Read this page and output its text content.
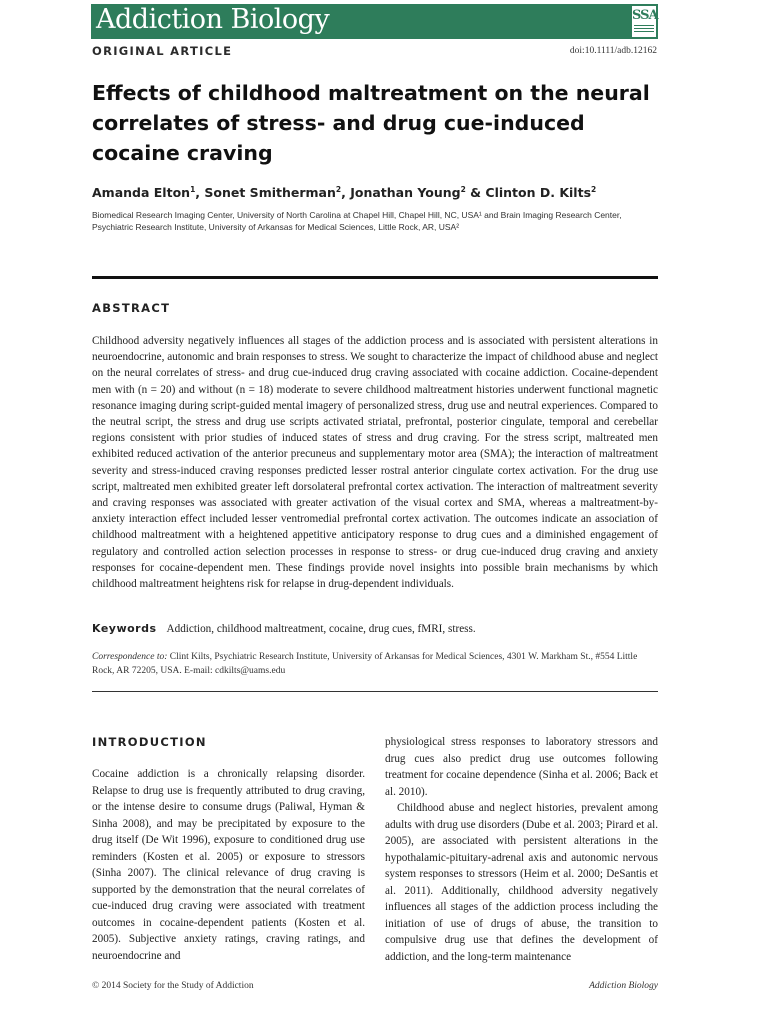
Addiction Biology	SSA
ORIGINAL ARTICLE	doi:10.1111/adb.12162
Effects of childhood maltreatment on the neural correlates of stress- and drug cue-induced cocaine craving
Amanda Elton$^1$, Sonet Smitherman$^2$, Jonathan Young$^2$ & Clinton D. Kilts$^2$
Biomedical Research Imaging Center, University of North Carolina at Chapel Hill, Chapel Hill, NC, USA¹ and Brain Imaging Research Center, Psychiatric Research Institute, University of Arkansas for Medical Sciences, Little Rock, AR, USA²
ABSTRACT
Childhood adversity negatively influences all stages of the addiction process and is associated with persistent alterations in neuroendocrine, autonomic and brain responses to stress. We sought to characterize the impact of childhood abuse and neglect on the neural correlates of stress- and drug cue-induced drug craving associated with cocaine addiction. Cocaine-dependent men with (n = 20) and without (n = 18) moderate to severe childhood maltreatment histories underwent functional magnetic resonance imaging during script-guided mental imagery of personalized stress, drug use and neutral experiences. Compared to the neutral script, the stress and drug use scripts activated striatal, prefrontal, posterior cingulate, temporal and cerebellar regions consistent with prior studies of induced states of stress and drug craving. For the stress script, maltreated men exhibited reduced activation of the anterior precuneus and supplementary motor area (SMA); the interaction of maltreatment severity and stress-induced craving responses predicted lesser rostral anterior cingulate cortex activation. For the drug use script, maltreated men exhibited greater left dorsolateral prefrontal cortex activation. The interaction of maltreatment severity and craving responses was associated with greater activation of the visual cortex and SMA, whereas a maltreatment-by-anxiety interaction effect included lesser ventromedial prefrontal cortex activation. The outcomes indicate an association of childhood maltreatment with a heightened appetitive anticipatory response to drug cues and a diminished engagement of regulatory and controlled action selection processes in response to stress- or drug cue-induced drug craving and anxiety responses for cocaine-dependent men. These findings provide novel insights into possible brain mechanisms by which childhood maltreatment heightens risk for relapse in drug-dependent individuals.
Keywords Addiction, childhood maltreatment, cocaine, drug cues, fMRI, stress.
Correspondence to: Clint Kilts, Psychiatric Research Institute, University of Arkansas for Medical Sciences, 4301 W. Markham St., #554 Little Rock, AR 72205, USA. E-mail: cdkilts@uams.edu
INTRODUCTION
Cocaine addiction is a chronically relapsing disorder. Relapse to drug use is frequently attributed to drug craving, or the intense desire to consume drugs (Paliwal, Hyman & Sinha 2008), and may be precipitated by exposure to the drug itself (De Wit 1996), exposure to conditioned drug use reminders (Kosten et al. 2005) or exposure to stressors (Sinha 2007). The clinical relevance of drug craving is supported by the demonstration that the neural correlates of cue-induced drug craving were associated with treatment outcomes in cocaine-dependent patients (Kosten et al. 2005). Subjective anxiety ratings, craving ratings, and neuroendocrine and

physiological stress responses to laboratory stressors and drug cues also predict drug use outcomes following treatment for cocaine dependence (Sinha et al. 2006; Back et al. 2010).

Childhood abuse and neglect histories, prevalent among adults with drug use disorders (Dube et al. 2003; Pirard et al. 2005), are associated with persistent alterations in the hypothalamic-pituitary-adrenal axis and autonomic nervous system responses to stressors (Heim et al. 2000; DeSantis et al. 2011). Additionally, childhood adversity negatively influences all stages of the addiction process including the initiation of use of drugs of abuse, the transition to compulsive drug use that defines the development of addiction, and the long-term maintenance

© 2014 Society for the Study of Addiction	Addiction Biology
